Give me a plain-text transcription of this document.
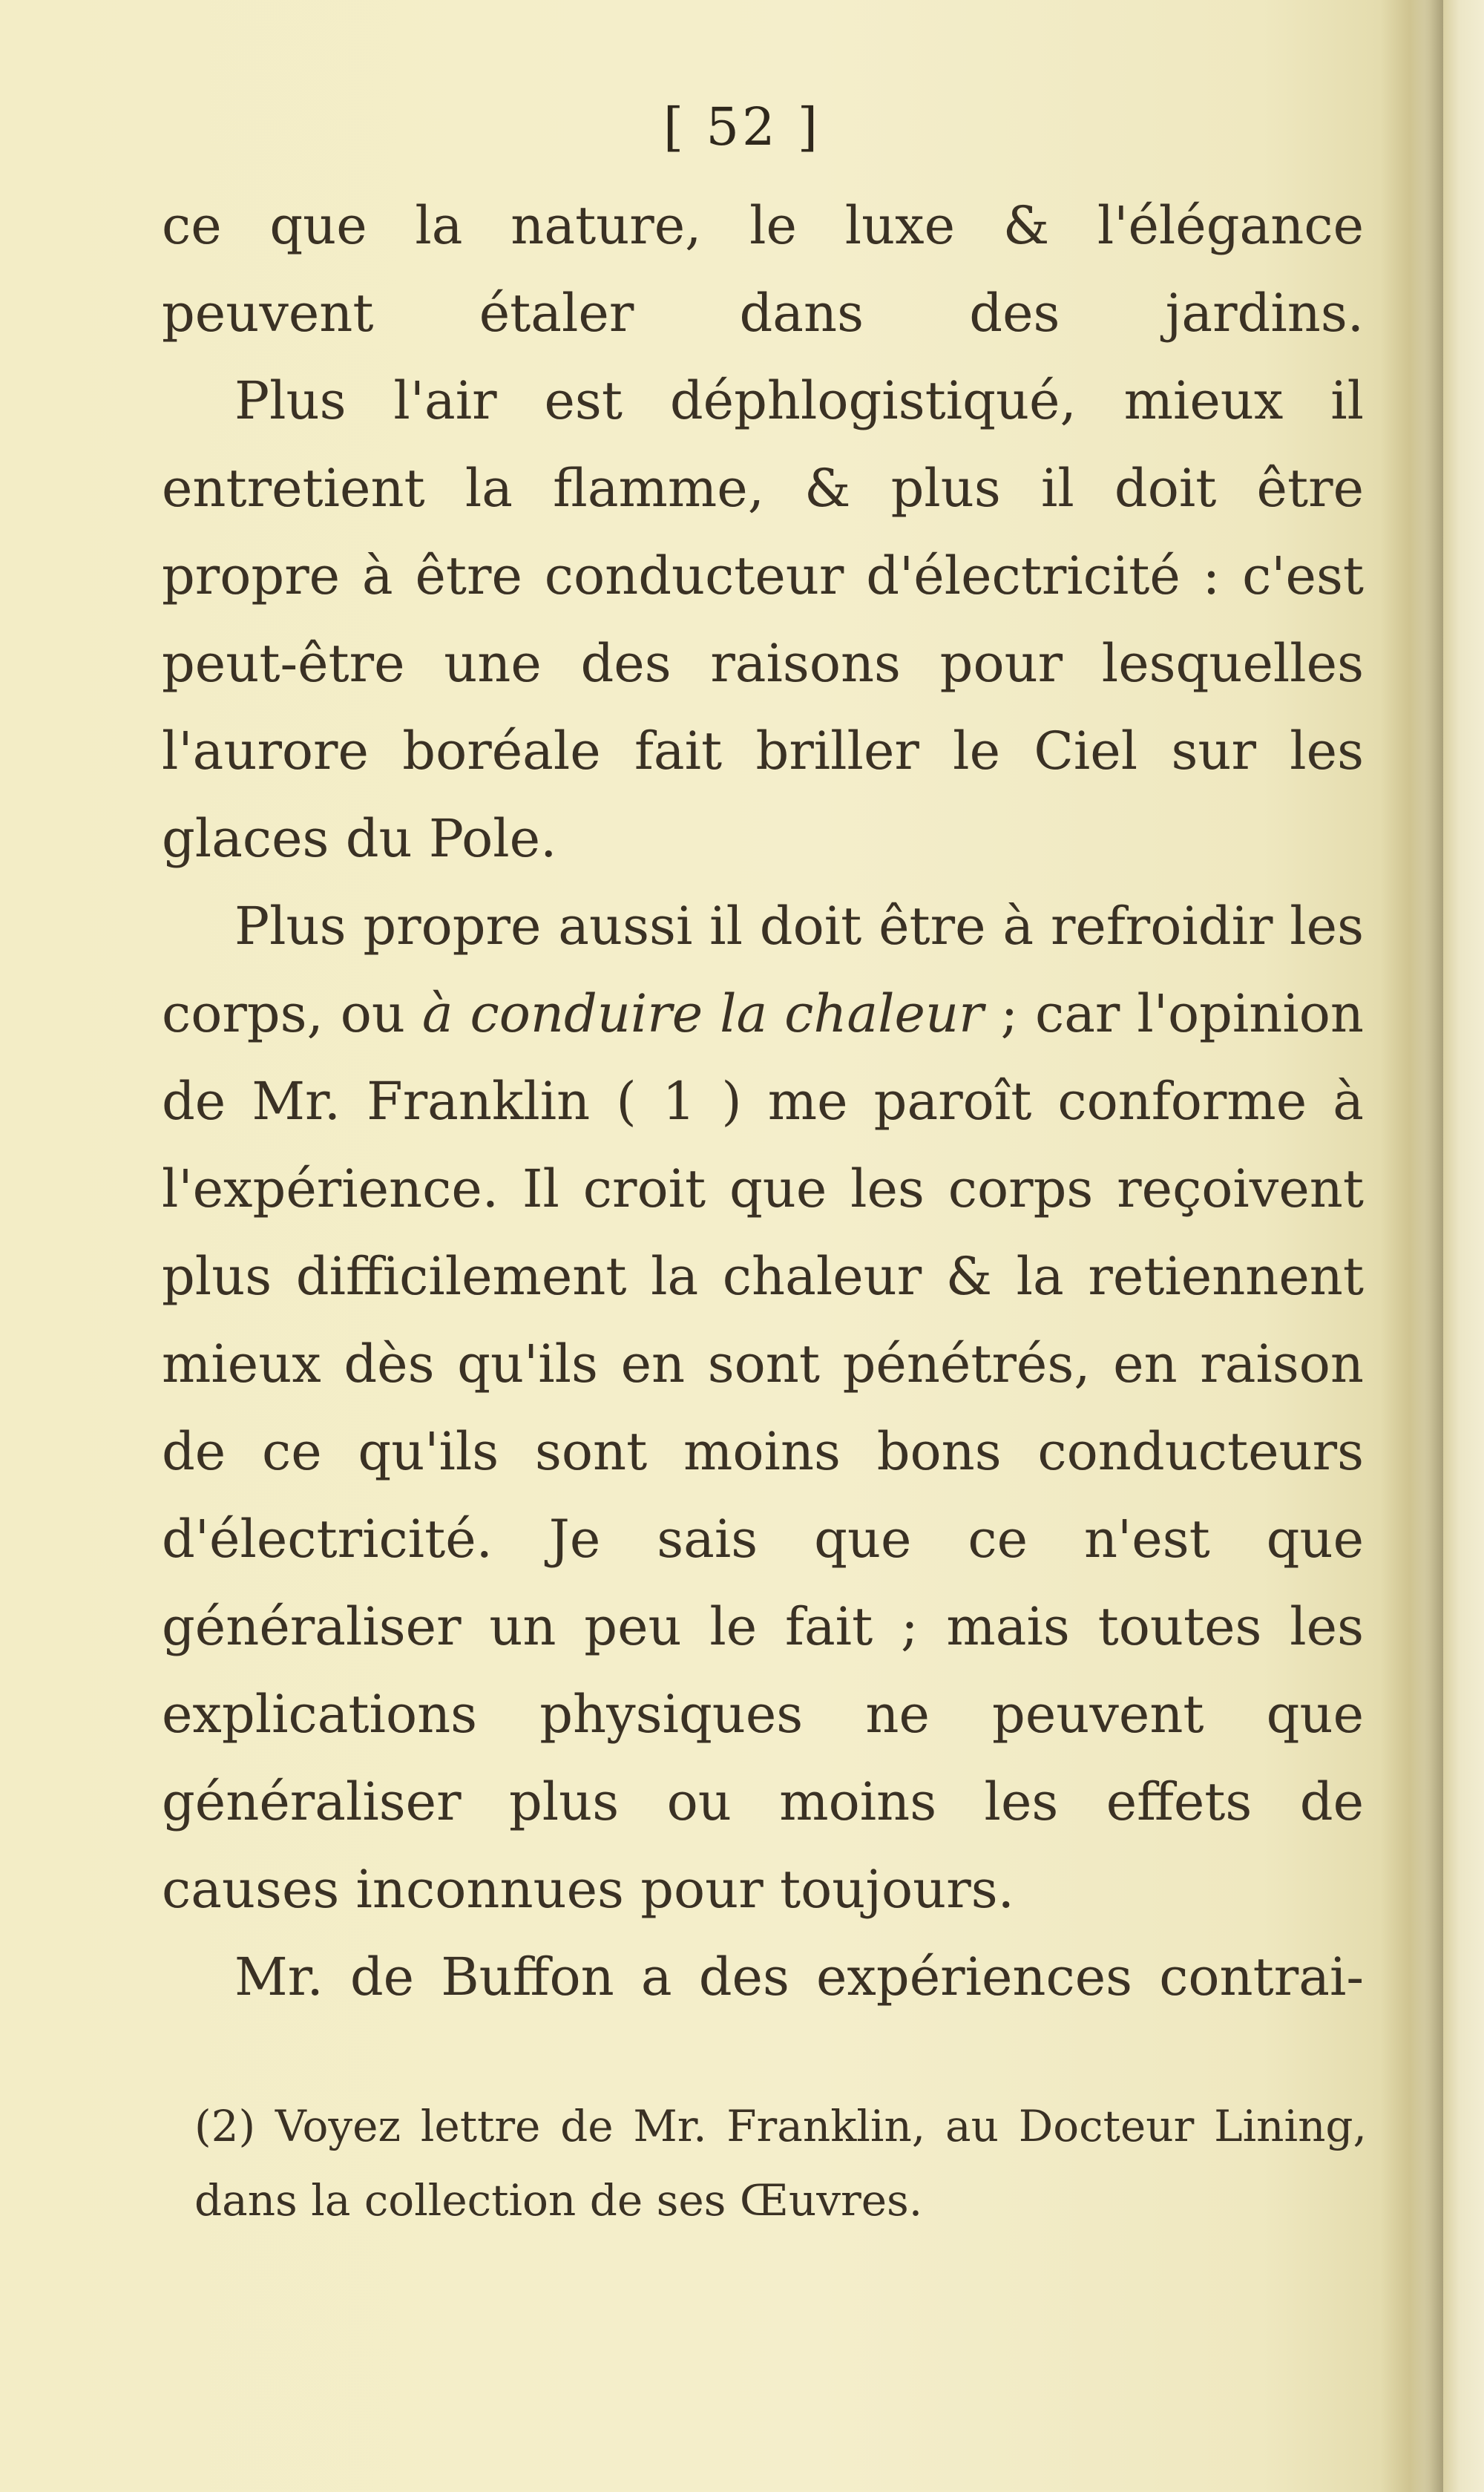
[ 52 ]

ce que la nature, le luxe & l'élégance peuvent étaler dans des jardins.

Plus l'air est déphlogistiqué, mieux il entretient la flamme, & plus il doit être propre à être conducteur d'électricité : c'est peut-être une des raisons pour lesquelles l'aurore boréale fait briller le Ciel sur les glaces du Pole.

Plus propre aussi il doit être à refroidir les corps, ou à conduire la chaleur ; car l'opinion de Mr. Franklin ( 1 ) me paroît conforme à l'expérience. Il croit que les corps reçoivent plus difficilement la chaleur & la retiennent mieux dès qu'ils en sont pénétrés, en raison de ce qu'ils sont moins bons conducteurs d'électricité. Je sais que ce n'est que généraliser un peu le fait ; mais toutes les explications physiques ne peuvent que généraliser plus ou moins les effets de causes inconnues pour toujours.

Mr. de Buffon a des expériences contrai-

(2) Voyez lettre de Mr. Franklin, au Docteur Lining, dans la collection de ses Œuvres.
